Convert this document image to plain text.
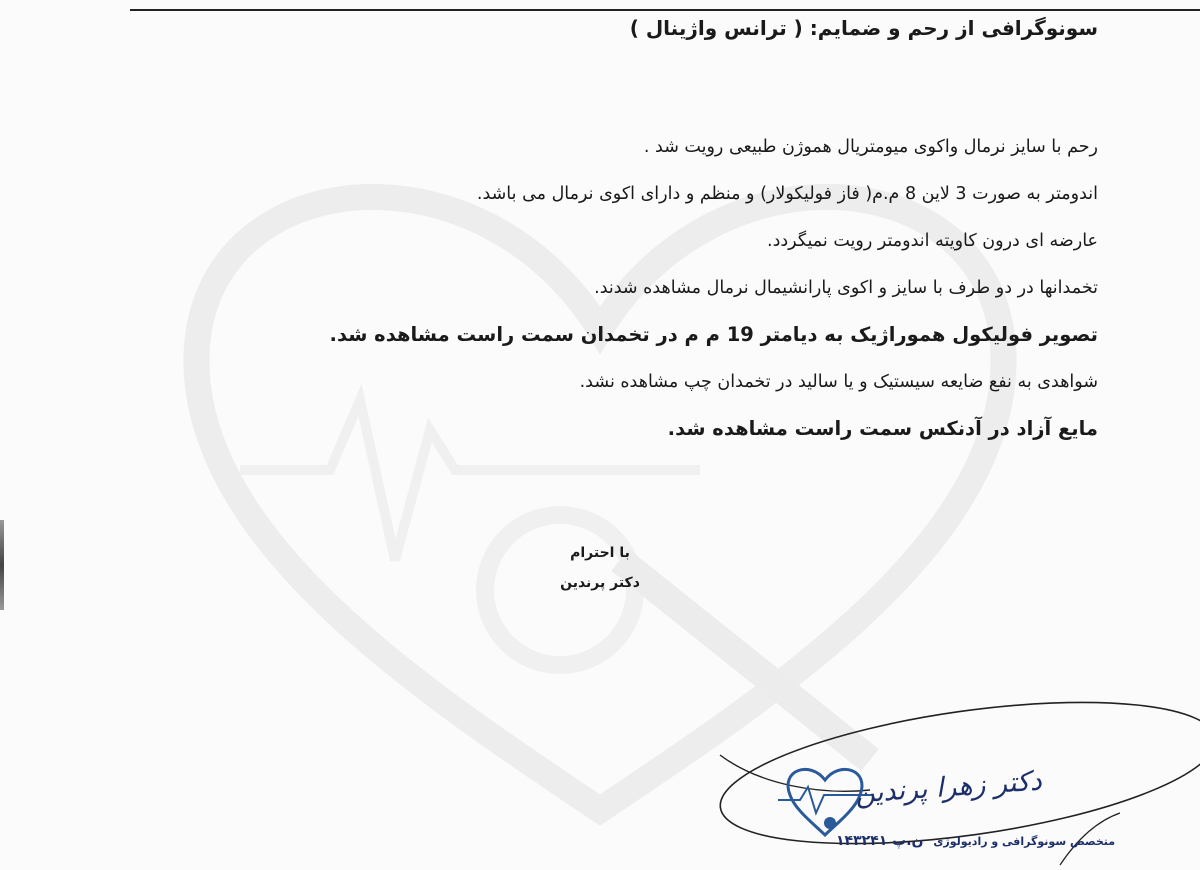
سونوگرافی از رحم و ضمایم: ( ترانس واژینال )
رحم با سایز نرمال واکوی میومتریال هموژن طبیعی رویت شد .
اندومتر به صورت 3 لاین 8 م.م( فاز فولیکولار) و منظم و دارای اکوی نرمال می باشد.
عارضه ای درون کاویته اندومتر رویت نمیگردد.
تخمدانها در دو طرف با سایز و اکوی پارانشیمال نرمال مشاهده شدند.
تصویر فولیکول هموراژیک به دیامتر 19 م م در تخمدان سمت راست مشاهده شد.
شواهدی به نفع ضایعه سیستیک و یا سالید در تخمدان چپ مشاهده نشد.
مایع آزاد در آدنکس سمت راست مشاهده شد.
با احترام
دکتر پرندین
دکتر زهرا پرندین
متخصص سونوگرافی و رادیولوژی ن.پ ۱۴۳۲۴۱
